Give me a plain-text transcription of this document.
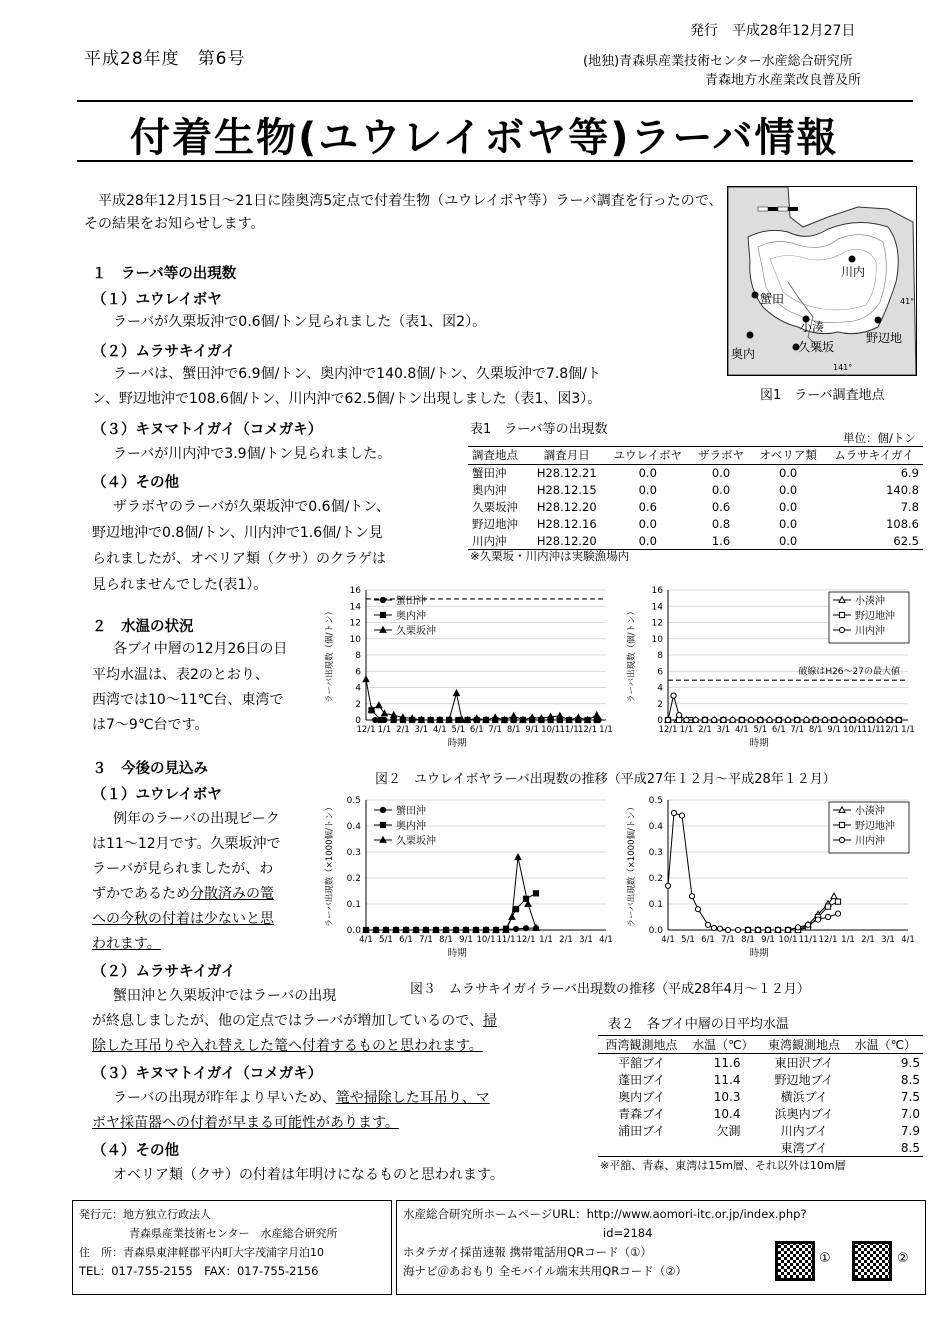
平成28年度　第6号
発行　平成28年12月27日
(地独)青森県産業技術センター水産総合研究所
青森地方水産業改良普及所
付着生物(ユウレイボヤ等)ラーバ情報
平成28年12月15日～21日に陸奥湾5定点で付着生物（ユウレイボヤ等）ラーバ調査を行ったので、その結果をお知らせします。
１　ラーバ等の出現数
（１）ユウレイボヤ
ラーバが久栗坂沖で0.6個/トン見られました（表1、図2）。
（２）ムラサキイガイ
ラーバは、蟹田沖で6.9個/トン、奥内沖で140.8個/トン、久栗坂沖で7.8個/ト
ン、野辺地沖で108.6個/トン、川内沖で62.5個/トン出現しました（表1、図3）。
（３）キヌマトイガイ（コメガキ）
ラーバが川内沖で3.9個/トン見られました。
（４）その他
ザラボヤのラーバが久栗坂沖で0.6個/トン、
野辺地沖で0.8個/トン、川内沖で1.6個/トン見
られましたが、オベリア類（クサ）のクラゲは
見られませんでした(表1）。
川内
蟹田
小湊
野辺地
奥内	久栗坂
41°
141°
図1　ラーバ調査地点
表1　ラーバ等の出現数
単位：個/トン
調査地点	調査月日	ユウレイボヤ	ザラボヤ	オベリア類	ムラサキイガイ
蟹田沖	H28.12.21	0.0	0.0	0.0	6.9
奥内沖	H28.12.15	0.0	0.0	0.0	140.8
久栗坂沖	H28.12.20	0.6	0.6	0.0	7.8
野辺地沖	H28.12.16	0.0	0.8	0.0	108.6
川内沖	H28.12.20	0.0	1.6	0.0	62.5
※久栗坂・川内沖は実験漁場内
0
2
4
6
8
10
12
14
16
12/1 1/1 2/1 3/1 4/1 5/1 6/1 7/1 8/1 9/1 10/1 11/1 12/1 1/1
時期
ラーバ出現数（個/トン）
蟹田沖
奥内沖
久栗坂沖
0
2
4
6
8
10
12
14
16
12/1 1/1 2/1 3/1 4/1 5/1 6/1 7/1 8/1 9/1 10/1 11/1 12/1 1/1
時期
ラーバ出現数（個/トン）	破線はH26～27の最大値
小湊沖
野辺地沖
川内沖
図２　ユウレイボヤラーバ出現数の推移（平成27年１２月～平成28年１２月）
２　水温の状況
各ブイ中層の12月26日の日
平均水温は、表2のとおり、
西湾では10～11℃台、東湾で
は7～9℃台です。
３　今後の見込み
（１）ユウレイボヤ
例年のラーバの出現ピーク
は11～12月です。久栗坂沖で
ラーバが見られましたが、わ
ずかであるため分散済みの篭
への今秋の付着は少ないと思
われます。
0.0
0.1
0.2
0.3
0.4
0.5
4/1 5/1 6/1 7/1 8/1 9/1 10/1 11/1 12/1 1/1 2/1 3/1 4/1
時期
ラーバ出現数（×1000個/トン）	蟹田沖
奥内沖
久栗坂沖
0.0
0.1
0.2
0.3
0.4
0.5
4/1 5/1 6/1 7/1 8/1 9/1 10/1 11/1 12/1 1/1 2/1 3/1 4/1
時期
ラーバ出現数（×1000個/トン）	小湊沖
野辺地沖
川内沖
図３　ムラサキイガイラーバ出現数の推移（平成28年4月～１２月）
（２）ムラサキイガイ
蟹田沖と久栗坂沖ではラーバの出現
が終息しましたが、他の定点ではラーバが増加しているので、掃
除した耳吊りや入れ替えした篭へ付着するものと思われます。
（３）キヌマトイガイ（コメガキ）
ラーバの出現が昨年より早いため、篭や掃除した耳吊り、マ
ボヤ採苗器への付着が早まる可能性があります。
（４）その他
オベリア類（クサ）の付着は年明けになるものと思われます。
表２　各ブイ中層の日平均水温
西湾観測地点	水温（℃）	東湾観測地点	水温（℃）
平舘ブイ	11.6	東田沢ブイ	9.5
蓬田ブイ	11.4	野辺地ブイ	8.5
奥内ブイ	10.3	横浜ブイ	7.5
青森ブイ	10.4	浜奥内ブイ	7.0
浦田ブイ	欠測	川内ブイ	7.9
		東湾ブイ	8.5
※平舘、青森、東湾は15m層、それ以外は10m層
発行元：地方独立行政法人
青森県産業技術センター　水産総合研究所
住　所：青森県東津軽郡平内町大字茂浦字月泊10
TEL：017-755-2155　FAX：017-755-2156
水産総合研究所ホームページURL：http://www.aomori-itc.or.jp/index.php?
id=2184
ホタテガイ採苗速報 携帯電話用QRコード（①）
海ナビ＠あおもり 全モバイル端末共用QRコード（②）
①	②
